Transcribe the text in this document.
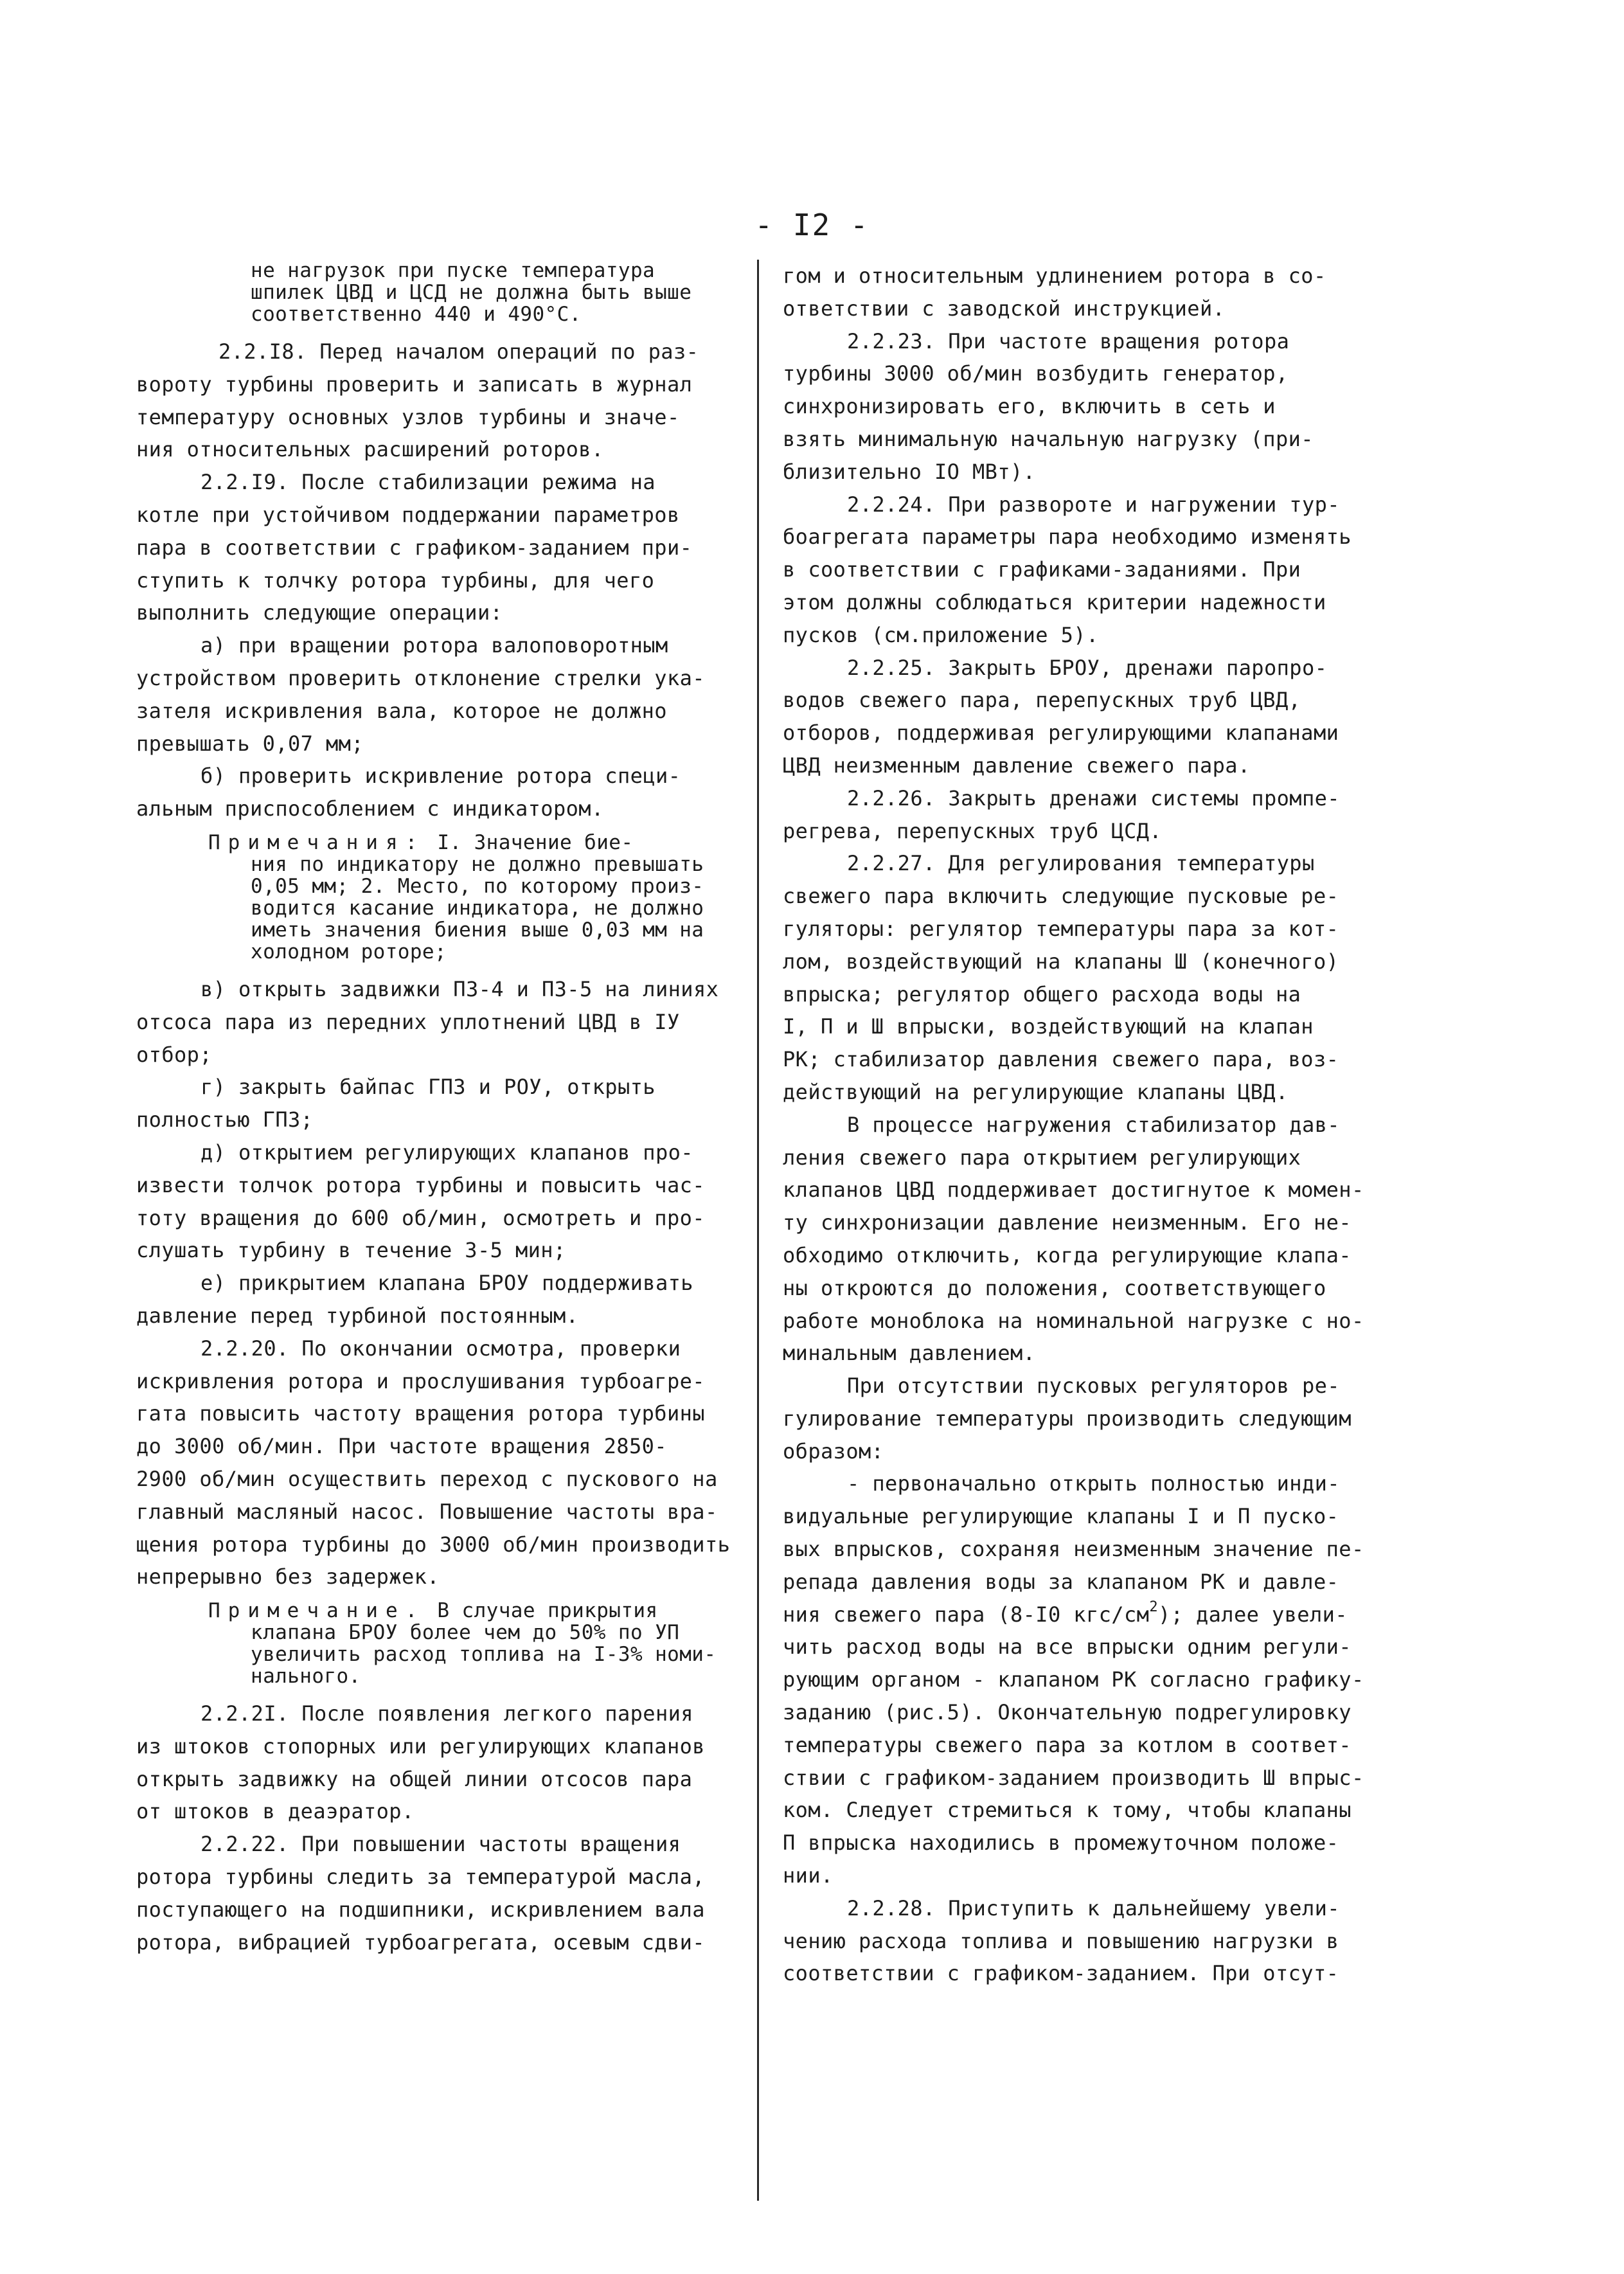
- I2 -
не нагрузок при пуске температура
шпилек ЦВД и ЦСД не должна быть выше
соответственно 440 и 490°С.
2.2.I8. Перед началом операций по раз-
вороту турбины проверить и записать в журнал
температуру основных узлов турбины и значе-
ния относительных расширений роторов.
2.2.I9. После стабилизации режима на
котле при устойчивом поддержании параметров
пара в соответствии с графиком-заданием при-
ступить к толчку ротора турбины, для чего
выполнить следующие операции:
а) при вращении ротора валоповоротным
устройством проверить отклонение стрелки ука-
зателя искривления вала, которое не должно
превышать 0,07 мм;
б) проверить искривление ротора специ-
альным приспособлением с индикатором.
Примечания: I. Значение бие-
ния по индикатору не должно превышать
0,05 мм; 2. Место, по которому произ-
водится касание индикатора, не должно
иметь значения биения выше 0,03 мм на
холодном роторе;
в) открыть задвижки ПЗ-4 и ПЗ-5 на линиях
отсоса пара из передних уплотнений ЦВД в IУ
отбор;
г) закрыть байпас ГПЗ и РОУ, открыть
полностью ГПЗ;
д) открытием регулирующих клапанов про-
извести толчок ротора турбины и повысить час-
тоту вращения до 600 об/мин, осмотреть и про-
слушать турбину в течение 3-5 мин;
е) прикрытием клапана БРОУ поддерживать
давление перед турбиной постоянным.
2.2.20. По окончании осмотра, проверки
искривления ротора и прослушивания турбоагре-
гата повысить частоту вращения ротора турбины
до 3000 об/мин. При частоте вращения 2850-
2900 об/мин осуществить переход с пускового на
главный масляный насос. Повышение частоты вра-
щения ротора турбины до 3000 об/мин производить
непрерывно без задержек.
Примечание. В случае прикрытия
клапана БРОУ более чем до 50% по УП
увеличить расход топлива на I-3% номи-
нального.
2.2.2I. После появления легкого парения
из штоков стопорных или регулирующих клапанов
открыть задвижку на общей линии отсосов пара
от штоков в деаэратор.
2.2.22. При повышении частоты вращения
ротора турбины следить за температурой масла,
поступающего на подшипники, искривлением вала
ротора, вибрацией турбоагрегата, осевым сдви-
гом и относительным удлинением ротора в со-
ответствии с заводской инструкцией.
2.2.23. При частоте вращения ротора
турбины 3000 об/мин возбудить генератор,
синхронизировать его, включить в сеть и
взять минимальную начальную нагрузку (при-
близительно IO МВт).
2.2.24. При развороте и нагружении тур-
боагрегата параметры пара необходимо изменять
в соответствии с графиками-заданиями. При
этом должны соблюдаться критерии надежности
пусков (см.приложение 5).
2.2.25. Закрыть БРОУ, дренажи паропро-
водов свежего пара, перепускных труб ЦВД,
отборов, поддерживая регулирующими клапанами
ЦВД неизменным давление свежего пара.
2.2.26. Закрыть дренажи системы промпе-
регрева, перепускных труб ЦСД.
2.2.27. Для регулирования температуры
свежего пара включить следующие пусковые ре-
гуляторы: регулятор температуры пара за кот-
лом, воздействующий на клапаны Ш (конечного)
впрыска; регулятор общего расхода воды на
I, П и Ш впрыски, воздействующий на клапан
РК; стабилизатор давления свежего пара, воз-
действующий на регулирующие клапаны ЦВД.
В процессе нагружения стабилизатор дав-
ления свежего пара открытием регулирующих
клапанов ЦВД поддерживает достигнутое к момен-
ту синхронизации давление неизменным. Его не-
обходимо отключить, когда регулирующие клапа-
ны откроются до положения, соответствующего
работе моноблока на номинальной нагрузке с но-
минальным давлением.
При отсутствии пусковых регуляторов ре-
гулирование температуры производить следующим
образом:
- первоначально открыть полностью инди-
видуальные регулирующие клапаны I и П пуско-
вых впрысков, сохраняя неизменным значение пе-
репада давления воды за клапаном РК и давле-
ния свежего пара (8-I0 кгс/$см^2$); далее увели-
чить расход воды на все впрыски одним регули-
рующим органом - клапаном РК согласно графику-
заданию (рис.5). Окончательную подрегулировку
температуры свежего пара за котлом в соответ-
ствии с графиком-заданием производить Ш впрыс-
ком. Следует стремиться к тому, чтобы клапаны
П впрыска находились в промежуточном положе-
нии.
2.2.28. Приступить к дальнейшему увели-
чению расхода топлива и повышению нагрузки в
соответствии с графиком-заданием. При отсут-
